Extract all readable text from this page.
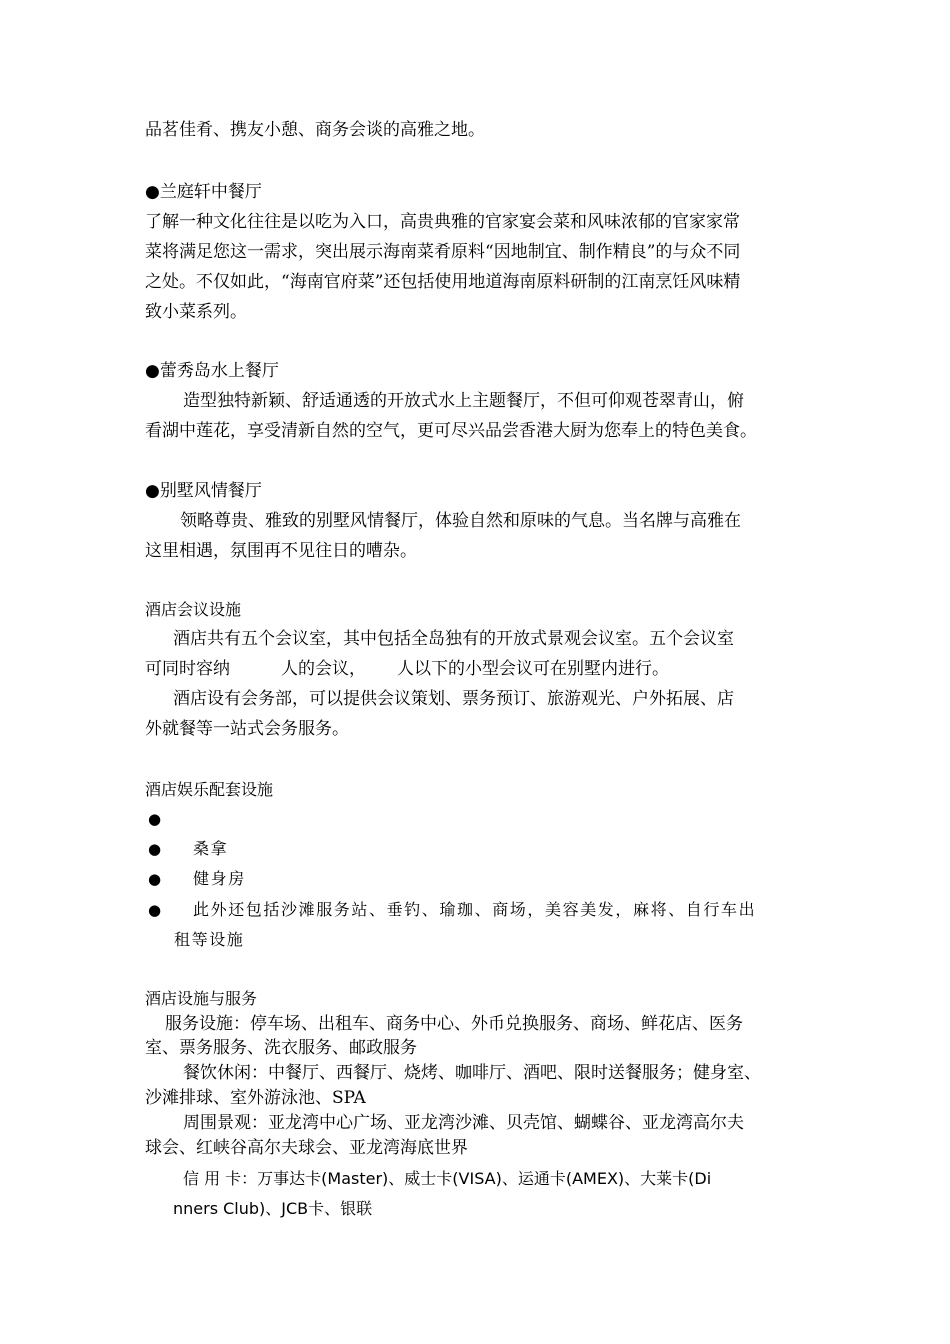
品茗佳肴、携友小憩、商务会谈的高雅之地。
●兰庭轩中餐厅
了解一种文化往往是以吃为入口，高贵典雅的官家宴会菜和风味浓郁的官家家常
菜将满足您这一需求，突出展示海南菜肴原料“因地制宜、制作精良”的与众不同
之处。不仅如此，“海南官府菜”还包括使用地道海南原料研制的江南烹饪风味精
致小菜系列。
●蕾秀岛水上餐厅
造型独特新颖、舒适通透的开放式水上主题餐厅，不但可仰观苍翠青山，俯
看湖中莲花，享受清新自然的空气，更可尽兴品尝香港大厨为您奉上的特色美食。
●别墅风情餐厅
领略尊贵、雅致的别墅风情餐厅，体验自然和原味的气息。当名牌与高雅在
这里相遇，氛围再不见往日的嘈杂。
酒店会议设施
酒店共有五个会议室，其中包括全岛独有的开放式景观会议室。五个会议室
可同时容纳	人的会议， 人以下的小型会议可在别墅内进行。
酒店设有会务部，可以提供会议策划、票务预订、旅游观光、户外拓展、店
外就餐等一站式会务服务。
酒店娱乐配套设施
●
● 桑拿
● 健身房
● 此外还包括沙滩服务站、垂钓、瑜珈、商场，美容美发，麻将、自行车出
租等设施
酒店设施与服务
服务设施：停车场、出租车、商务中心、外币兑换服务、商场、鲜花店、医务
室、票务服务、洗衣服务、邮政服务
餐饮休闲：中餐厅、西餐厅、烧烤、咖啡厅、酒吧、限时送餐服务；健身室、
沙滩排球、室外游泳池、SPA
周围景观：亚龙湾中心广场、亚龙湾沙滩、贝壳馆、蝴蝶谷、亚龙湾高尔夫
球会、红峡谷高尔夫球会、亚龙湾海底世界
信 用 卡：万事达卡(Master)、威士卡(VISA)、运通卡(AMEX)、大莱卡(Di
nners Club)、JCB卡、银联
